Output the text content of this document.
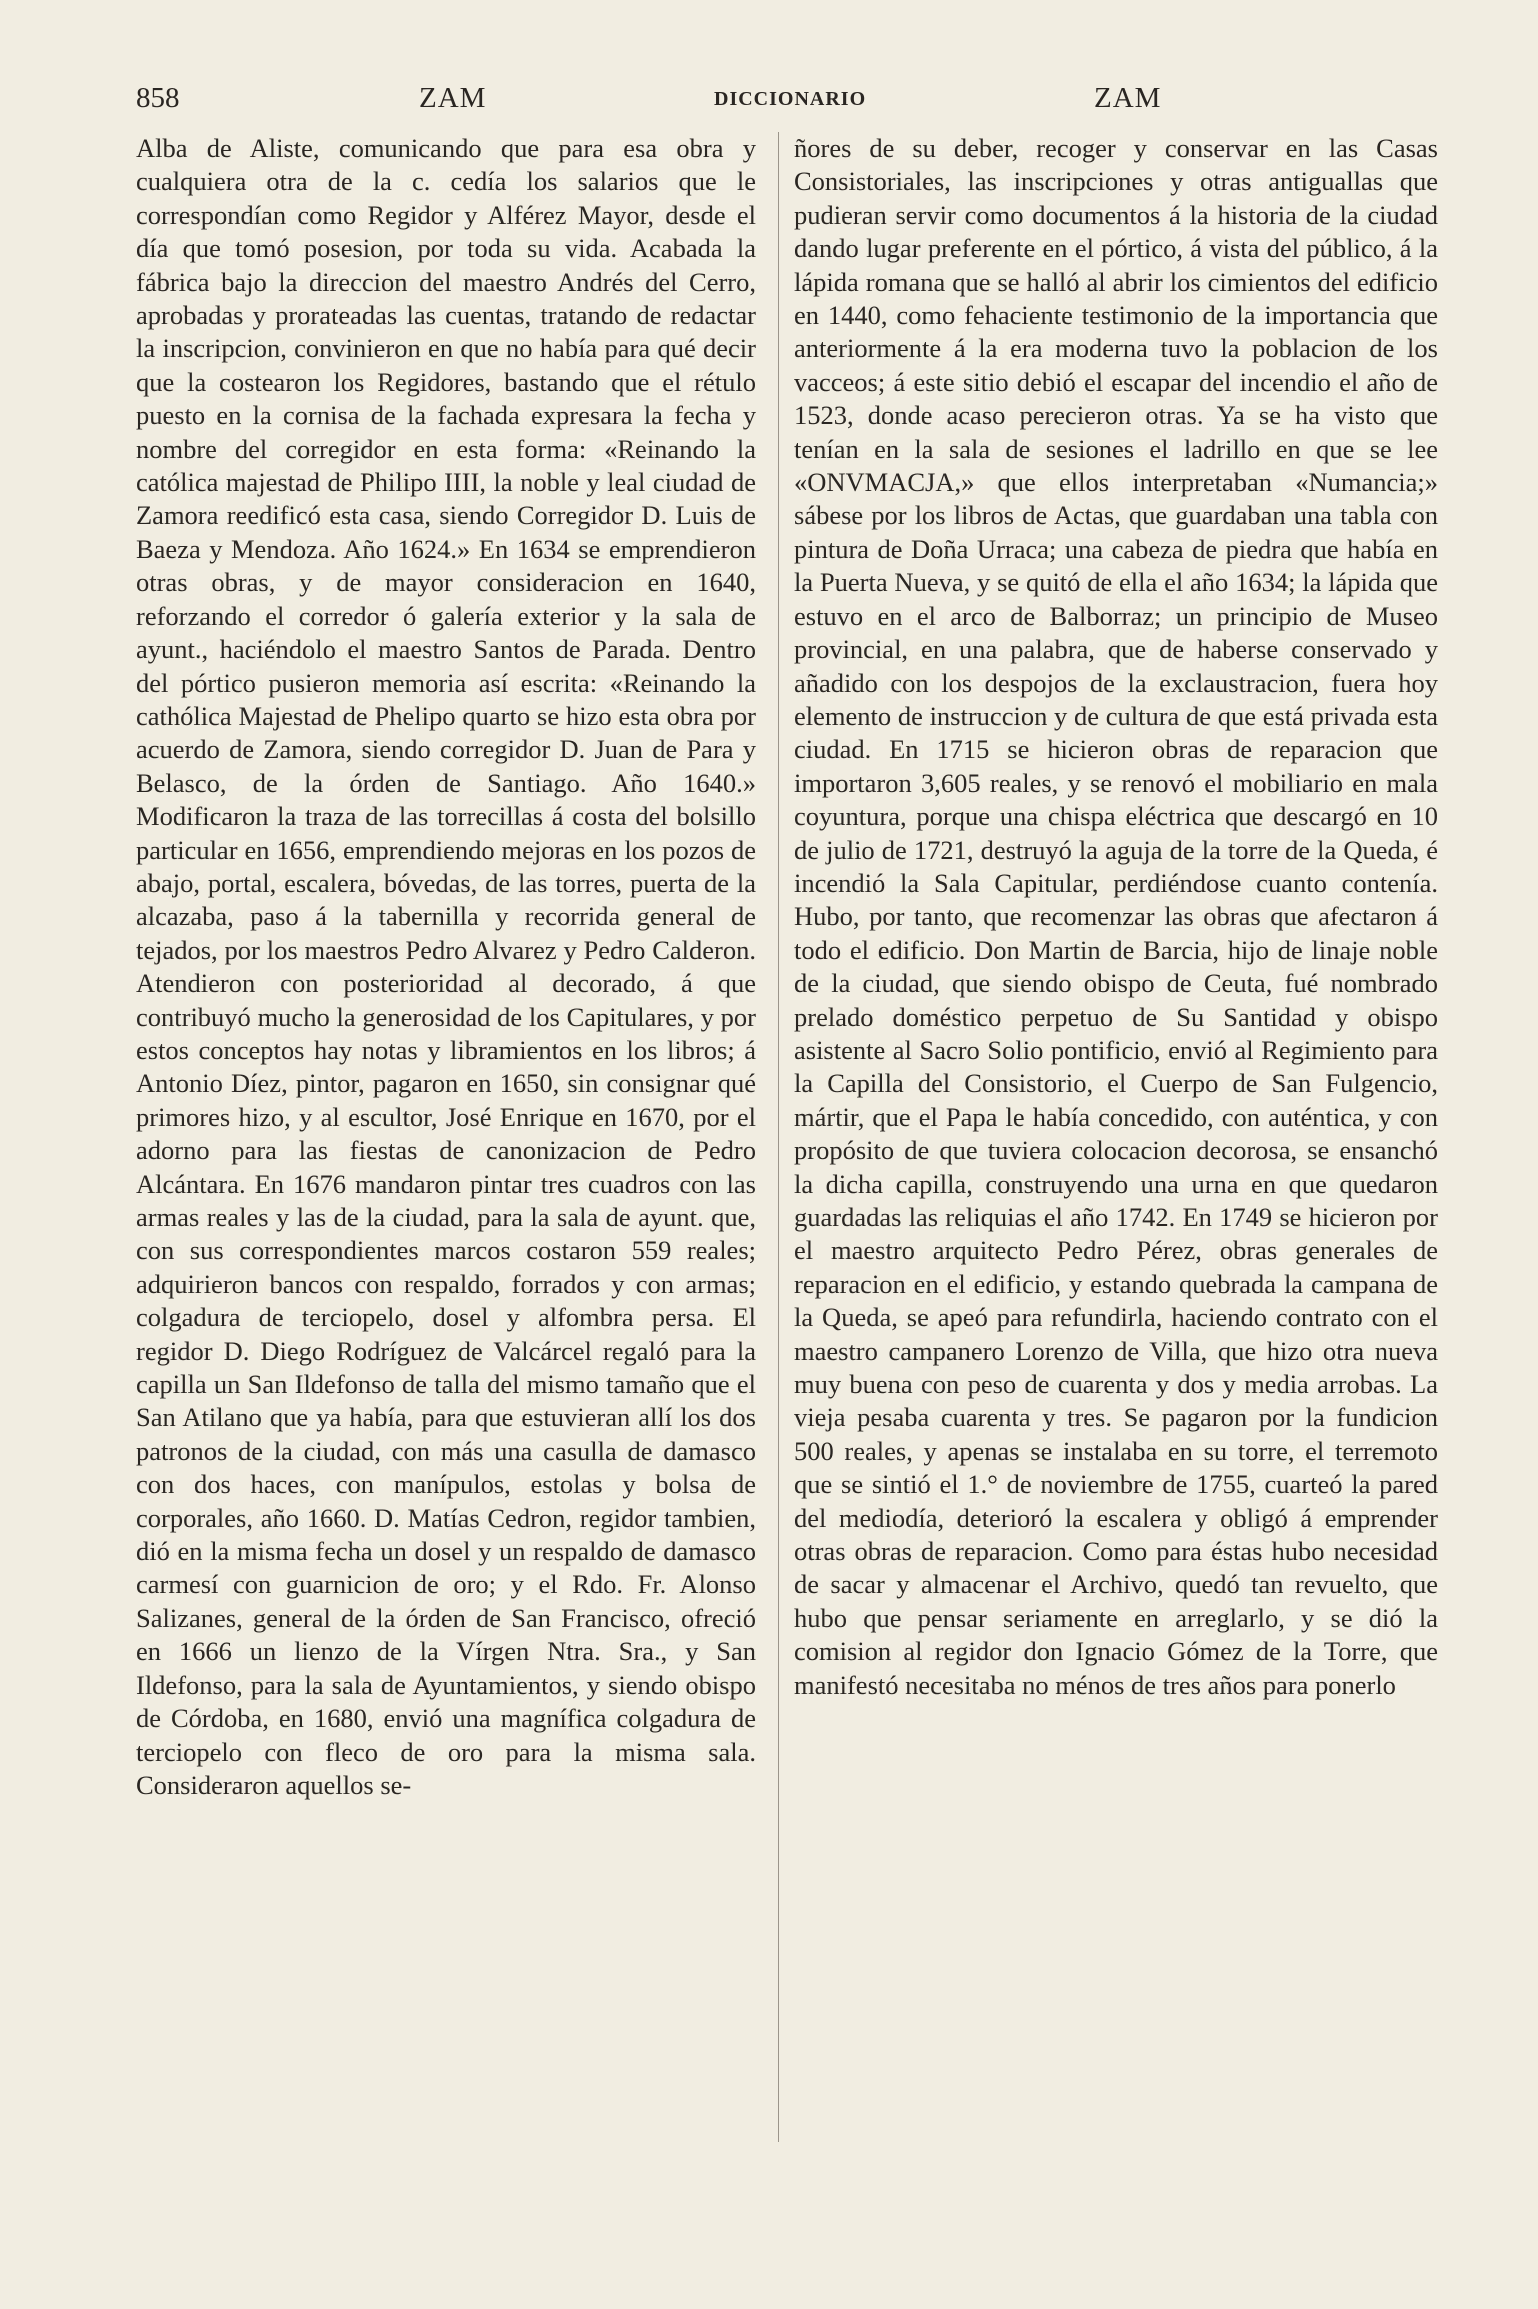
858	ZAM	DICCIONARIO	ZAM

Alba de Aliste, comunicando que para esa obra y cualquiera otra de la c. cedía los salarios que le correspondían como Regidor y Alférez Mayor, desde el día que tomó posesion, por toda su vida. Acabada la fábrica bajo la direccion del maestro Andrés del Cerro, aprobadas y prorateadas las cuentas, tratando de redactar la inscripcion, convinieron en que no había para qué decir que la costearon los Regidores, bastando que el rétulo puesto en la cornisa de la fachada expresara la fecha y nombre del corregidor en esta forma: «Reinando la católica majestad de Philipo IIII, la noble y leal ciudad de Zamora reedificó esta casa, siendo Corregidor D. Luis de Baeza y Mendoza. Año 1624.» En 1634 se emprendieron otras obras, y de mayor consideracion en 1640, reforzando el corredor ó galería exterior y la sala de ayunt., haciéndolo el maestro Santos de Parada. Dentro del pórtico pusieron memoria así escrita: «Reinando la cathólica Majestad de Phelipo quarto se hizo esta obra por acuerdo de Zamora, siendo corregidor D. Juan de Para y Belasco, de la órden de Santiago. Año 1640.» Modificaron la traza de las torrecillas á costa del bolsillo particular en 1656, emprendiendo mejoras en los pozos de abajo, portal, escalera, bóvedas, de las torres, puerta de la alcazaba, paso á la tabernilla y recorrida general de tejados, por los maestros Pedro Alvarez y Pedro Calderon. Atendieron con posterioridad al decorado, á que contribuyó mucho la generosidad de los Capitulares, y por estos conceptos hay notas y libramientos en los libros; á Antonio Díez, pintor, pagaron en 1650, sin consignar qué primores hizo, y al escultor, José Enrique en 1670, por el adorno para las fiestas de canonizacion de Pedro Alcántara. En 1676 mandaron pintar tres cuadros con las armas reales y las de la ciudad, para la sala de ayunt. que, con sus correspondientes marcos costaron 559 reales; adquirieron bancos con respaldo, forrados y con armas; colgadura de terciopelo, dosel y alfombra persa. El regidor D. Diego Rodríguez de Valcárcel regaló para la capilla un San Ildefonso de talla del mismo tamaño que el San Atilano que ya había, para que estuvieran allí los dos patronos de la ciudad, con más una casulla de damasco con dos haces, con manípulos, estolas y bolsa de corporales, año 1660. D. Matías Cedron, regidor tambien, dió en la misma fecha un dosel y un respaldo de damasco carmesí con guarnicion de oro; y el Rdo. Fr. Alonso Salizanes, general de la órden de San Francisco, ofreció en 1666 un lienzo de la Vírgen Ntra. Sra., y San Ildefonso, para la sala de Ayuntamientos, y siendo obispo de Córdoba, en 1680, envió una magnífica colgadura de terciopelo con fleco de oro para la misma sala. Consideraron aquellos se-

ñores de su deber, recoger y conservar en las Casas Consistoriales, las inscripciones y otras antiguallas que pudieran servir como documentos á la historia de la ciudad dando lugar preferente en el pórtico, á vista del público, á la lápida romana que se halló al abrir los cimientos del edificio en 1440, como fehaciente testimonio de la importancia que anteriormente á la era moderna tuvo la poblacion de los vacceos; á este sitio debió el escapar del incendio el año de 1523, donde acaso perecieron otras. Ya se ha visto que tenían en la sala de sesiones el ladrillo en que se lee «ONVMACJA,» que ellos interpretaban «Numancia;» sábese por los libros de Actas, que guardaban una tabla con pintura de Doña Urraca; una cabeza de piedra que había en la Puerta Nueva, y se quitó de ella el año 1634; la lápida que estuvo en el arco de Balborraz; un principio de Museo provincial, en una palabra, que de haberse conservado y añadido con los despojos de la exclaustracion, fuera hoy elemento de instruccion y de cultura de que está privada esta ciudad. En 1715 se hicieron obras de reparacion que importaron 3,605 reales, y se renovó el mobiliario en mala coyuntura, porque una chispa eléctrica que descargó en 10 de julio de 1721, destruyó la aguja de la torre de la Queda, é incendió la Sala Capitular, perdiéndose cuanto contenía. Hubo, por tanto, que recomenzar las obras que afectaron á todo el edificio. Don Martin de Barcia, hijo de linaje noble de la ciudad, que siendo obispo de Ceuta, fué nombrado prelado doméstico perpetuo de Su Santidad y obispo asistente al Sacro Solio pontificio, envió al Regimiento para la Capilla del Consistorio, el Cuerpo de San Fulgencio, mártir, que el Papa le había concedido, con auténtica, y con propósito de que tuviera colocacion decorosa, se ensanchó la dicha capilla, construyendo una urna en que quedaron guardadas las reliquias el año 1742. En 1749 se hicieron por el maestro arquitecto Pedro Pérez, obras generales de reparacion en el edificio, y estando quebrada la campana de la Queda, se apeó para refundirla, haciendo contrato con el maestro campanero Lorenzo de Villa, que hizo otra nueva muy buena con peso de cuarenta y dos y media arrobas. La vieja pesaba cuarenta y tres. Se pagaron por la fundicion 500 reales, y apenas se instalaba en su torre, el terremoto que se sintió el 1.° de noviembre de 1755, cuarteó la pared del mediodía, deterioró la escalera y obligó á emprender otras obras de reparacion. Como para éstas hubo necesidad de sacar y almacenar el Archivo, quedó tan revuelto, que hubo que pensar seriamente en arreglarlo, y se dió la comision al regidor don Ignacio Gómez de la Torre, que manifestó necesitaba no ménos de tres años para ponerlo
